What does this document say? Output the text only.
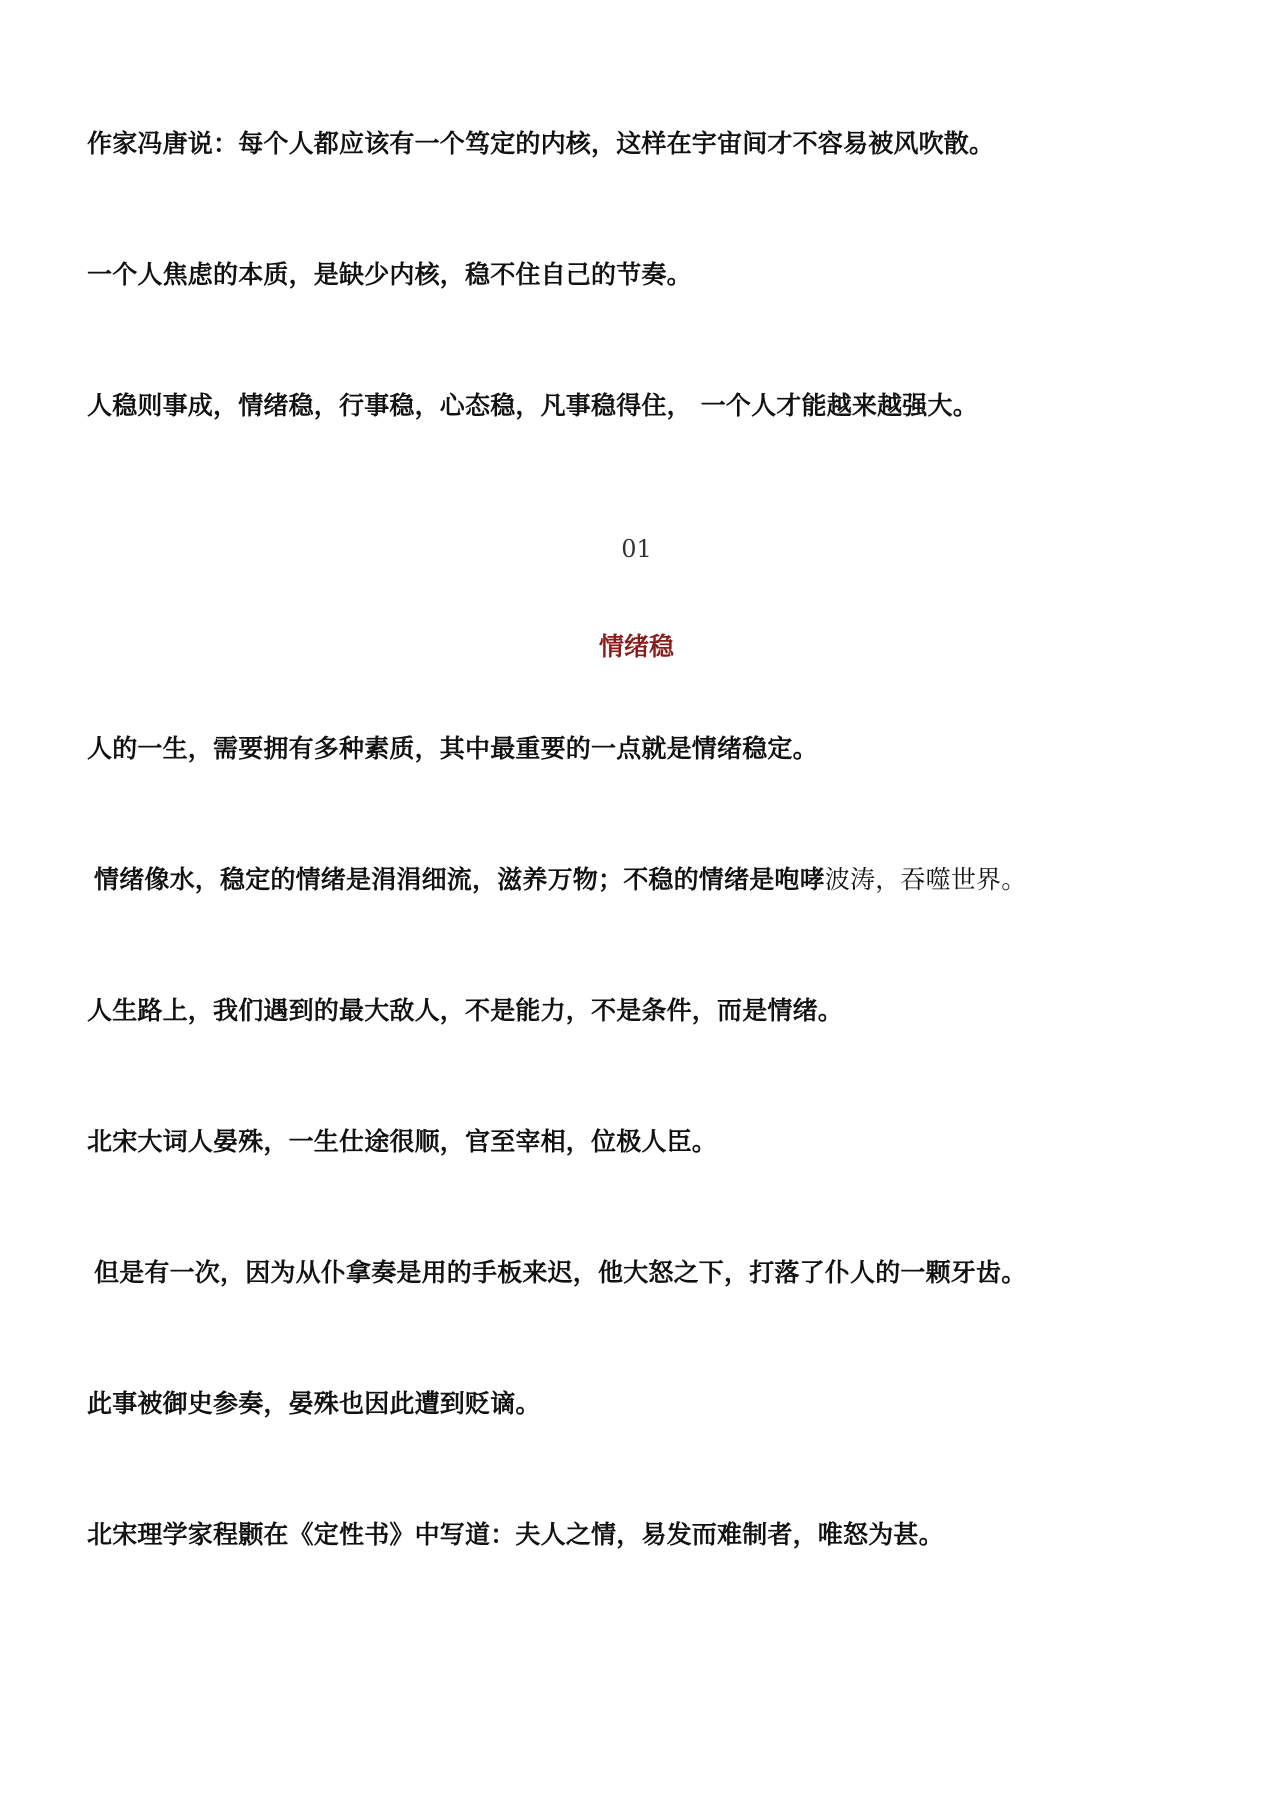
作家冯唐说：每个人都应该有一个笃定的内核，这样在宇宙间才不容易被风吹散。

一个人焦虑的本质，是缺少内核，稳不住自己的节奏。

人稳则事成，情绪稳，行事稳，心态稳，凡事稳得住， 一个人才能越来越强大。

01

情绪稳

人的一生，需要拥有多种素质，其中最重要的一点就是情绪稳定。

情绪像水，稳定的情绪是涓涓细流，滋养万物；不稳的情绪是咆哮波涛，吞噬世界。

人生路上，我们遇到的最大敌人，不是能力，不是条件，而是情绪。

北宋大词人晏殊，一生仕途很顺，官至宰相，位极人臣。

但是有一次，因为从仆拿奏是用的手板来迟，他大怒之下，打落了仆人的一颗牙齿。

此事被御史参奏，晏殊也因此遭到贬谪。

北宋理学家程颢在《定性书》中写道：夫人之情，易发而难制者，唯怒为甚。
